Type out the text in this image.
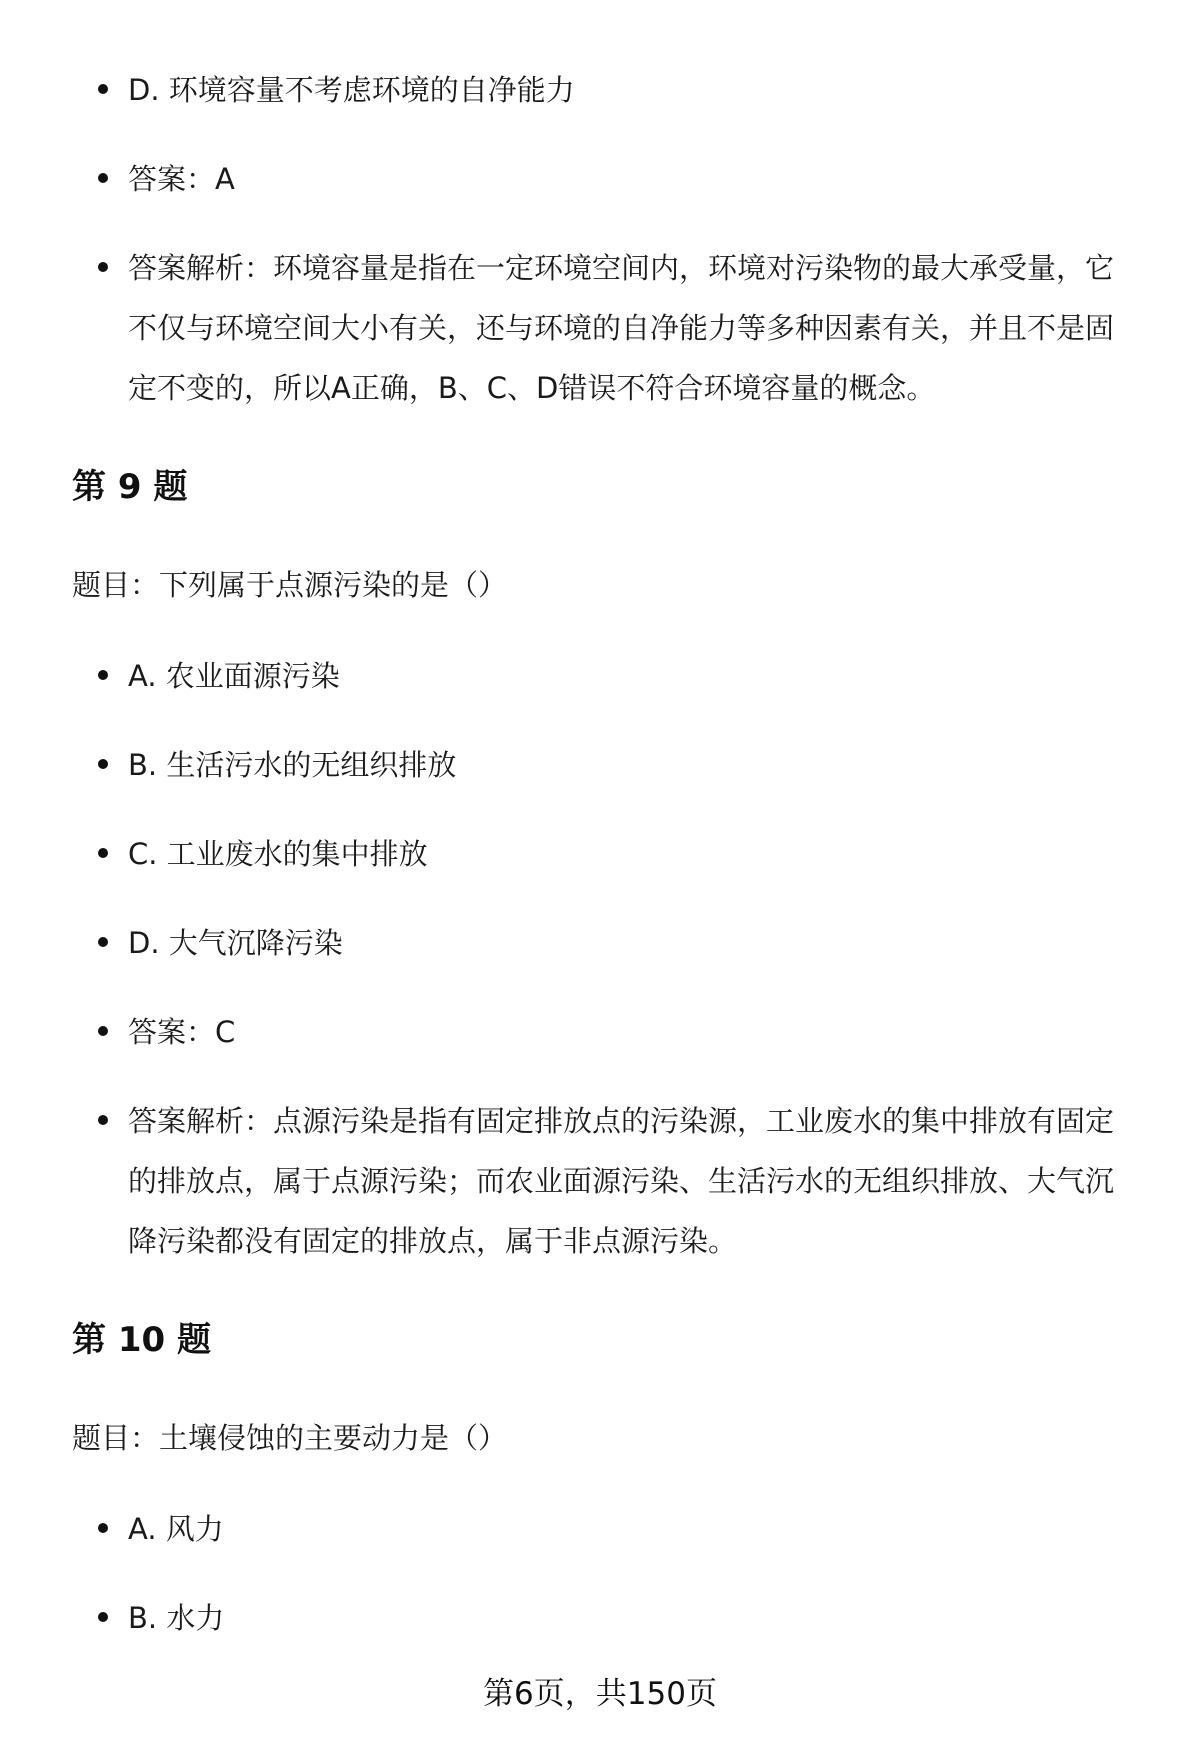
D. 环境容量不考虑环境的自净能力
答案：A
答案解析：环境容量是指在一定环境空间内，环境对污染物的最大承受量，它不仅与环境空间大小有关，还与环境的自净能力等多种因素有关，并且不是固定不变的，所以A正确，B、C、D错误不符合环境容量的概念。
第 9 题
题目：下列属于点源污染的是（）
A. 农业面源污染
B. 生活污水的无组织排放
C. 工业废水的集中排放
D. 大气沉降污染
答案：C
答案解析：点源污染是指有固定排放点的污染源，工业废水的集中排放有固定的排放点，属于点源污染；而农业面源污染、生活污水的无组织排放、大气沉降污染都没有固定的排放点，属于非点源污染。
第 10 题
题目：土壤侵蚀的主要动力是（）
A. 风力
B. 水力
第6页，共150页
